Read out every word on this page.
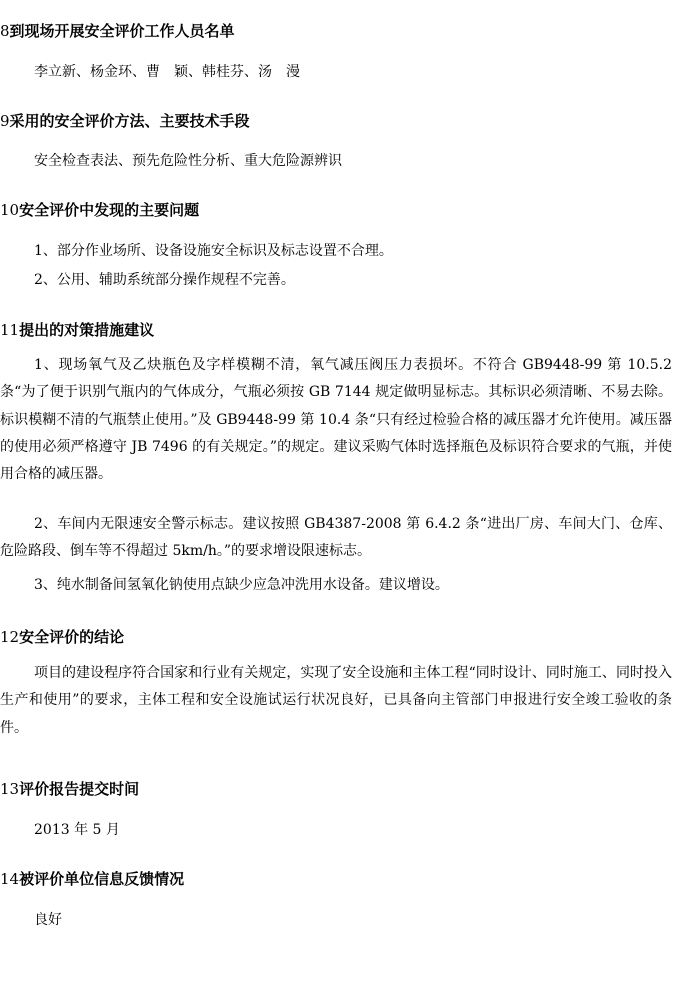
8到现场开展安全评价工作人员名单
李立新、杨金环、曹　颖、韩桂芬、汤　漫
9采用的安全评价方法、主要技术手段
安全检查表法、预先危险性分析、重大危险源辨识
10安全评价中发现的主要问题
1、部分作业场所、设备设施安全标识及标志设置不合理。
2、公用、辅助系统部分操作规程不完善。
11提出的对策措施建议
1、现场氧气及乙炔瓶色及字样模糊不清，氧气减压阀压力表损坏。不符合 GB9448-99 第 10.5.2 条“为了便于识别气瓶内的气体成分，气瓶必须按 GB 7144 规定做明显标志。其标识必须清晰、不易去除。标识模糊不清的气瓶禁止使用。”及 GB9448-99 第 10.4 条“只有经过检验合格的减压器才允许使用。减压器的使用必须严格遵守 JB 7496 的有关规定。”的规定。建议采购气体时选择瓶色及标识符合要求的气瓶，并使用合格的减压器。
2、车间内无限速安全警示标志。建议按照 GB4387-2008 第 6.4.2 条“进出厂房、车间大门、仓库、危险路段、倒车等不得超过 5km/h。”的要求增设限速标志。
3、纯水制备间氢氧化钠使用点缺少应急冲洗用水设备。建议增设。
12安全评价的结论
项目的建设程序符合国家和行业有关规定，实现了安全设施和主体工程“同时设计、同时施工、同时投入生产和使用”的要求，主体工程和安全设施试运行状况良好，已具备向主管部门申报进行安全竣工验收的条件。
13评价报告提交时间
2013 年 5 月
14被评价单位信息反馈情况
良好
